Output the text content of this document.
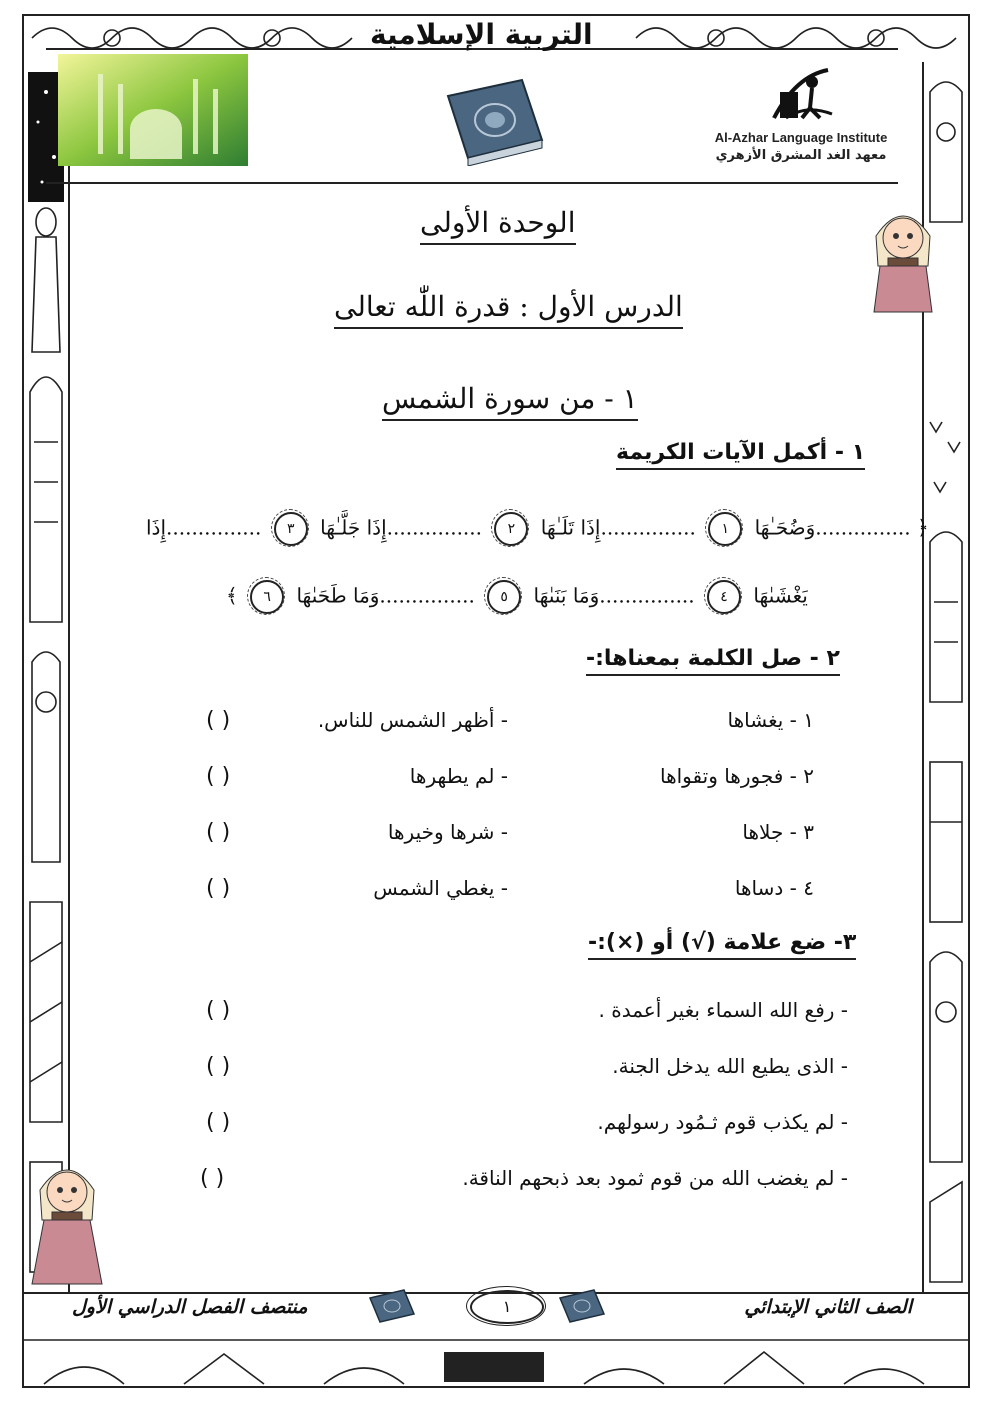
التربية الإسلامية
Al-Azhar Language Institute
معهد الغد المشرق الأزهري
الوحدة الأولى
الدرس الأول : قدرة اللّٰه تعالى
١ - من سورة الشمس
١ - أكمل الآيات الكريمة
﴿ ...............وَضُحَـٰهَا ١ ...............إِذَا تَلَـٰهَا ٢ ...............إِذَا جَلَّـٰهَا ٣ ...............إِذَا
يَغْشَىٰهَا ٤ ...............وَمَا بَنَىٰهَا ٥ ...............وَمَا طَحَىٰهَا ٦ ﴾
٢ - صل الكلمة بمعناها:-
١ - يغشاها
- أظهر الشمس للناس.
( )
٢ - فجورها وتقواها
- لم يطهرها
( )
٣ - جلاها
- شرها وخيرها
( )
٤ - دساها
- يغطي الشمس
( )
٣- ضع علامة (√) أو (×):-
- رفع الله السماء بغير أعمدة .
( )
- الذى يطيع الله يدخل الجنة.
( )
- لم يكذب قوم ثـمُود رسولهم.
( )
- لم يغضب الله من قوم ثمود بعد ذبحهم الناقة.
( )
الصف الثاني الإبتدائي
١
منتصف الفصل الدراسي الأول
